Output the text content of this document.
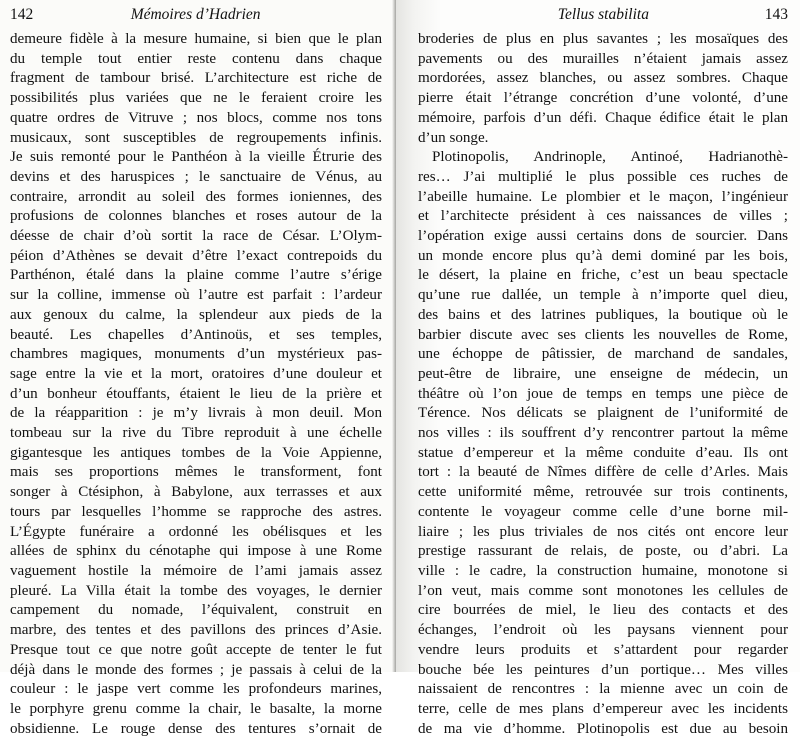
142	Mémoires d’Hadrien
demeure fidèle à la mesure humaine, si bien que le plan
du temple tout entier reste contenu dans chaque
fragment de tambour brisé. L’architecture est riche de
possibilités plus variées que ne le feraient croire les
quatre ordres de Vitruve ; nos blocs, comme nos tons
musicaux, sont susceptibles de regroupements infinis.
Je suis remonté pour le Panthéon à la vieille Étrurie des
devins et des haruspices ; le sanctuaire de Vénus, au
contraire, arrondit au soleil des formes ioniennes, des
profusions de colonnes blanches et roses autour de la
déesse de chair d’où sortit la race de César. L’Olym-
péion d’Athènes se devait d’être l’exact contrepoids du
Parthénon, étalé dans la plaine comme l’autre s’érige
sur la colline, immense où l’autre est parfait : l’ardeur
aux genoux du calme, la splendeur aux pieds de la
beauté. Les chapelles d’Antinoüs, et ses temples,
chambres magiques, monuments d’un mystérieux pas-
sage entre la vie et la mort, oratoires d’une douleur et
d’un bonheur étouffants, étaient le lieu de la prière et
de la réapparition : je m’y livrais à mon deuil. Mon
tombeau sur la rive du Tibre reproduit à une échelle
gigantesque les antiques tombes de la Voie Appienne,
mais ses proportions mêmes le transforment, font
songer à Ctésiphon, à Babylone, aux terrasses et aux
tours par lesquelles l’homme se rapproche des astres.
L’Égypte funéraire a ordonné les obélisques et les
allées de sphinx du cénotaphe qui impose à une Rome
vaguement hostile la mémoire de l’ami jamais assez
pleuré. La Villa était la tombe des voyages, le dernier
campement du nomade, l’équivalent, construit en
marbre, des tentes et des pavillons des princes d’Asie.
Presque tout ce que notre goût accepte de tenter le fut
déjà dans le monde des formes ; je passais à celui de la
couleur : le jaspe vert comme les profondeurs marines,
le porphyre grenu comme la chair, le basalte, la morne
obsidienne. Le rouge dense des tentures s’ornait de
Tellus stabilita	143
broderies de plus en plus savantes ; les mosaïques des
pavements ou des murailles n’étaient jamais assez
mordorées, assez blanches, ou assez sombres. Chaque
pierre était l’étrange concrétion d’une volonté, d’une
mémoire, parfois d’un défi. Chaque édifice était le plan
d’un songe.
Plotinopolis, Andrinople, Antinoé, Hadrianothè-
res… J’ai multiplié le plus possible ces ruches de
l’abeille humaine. Le plombier et le maçon, l’ingénieur
et l’architecte président à ces naissances de villes ;
l’opération exige aussi certains dons de sourcier. Dans
un monde encore plus qu’à demi dominé par les bois,
le désert, la plaine en friche, c’est un beau spectacle
qu’une rue dallée, un temple à n’importe quel dieu,
des bains et des latrines publiques, la boutique où le
barbier discute avec ses clients les nouvelles de Rome,
une échoppe de pâtissier, de marchand de sandales,
peut-être de libraire, une enseigne de médecin, un
théâtre où l’on joue de temps en temps une pièce de
Térence. Nos délicats se plaignent de l’uniformité de
nos villes : ils souffrent d’y rencontrer partout la même
statue d’empereur et la même conduite d’eau. Ils ont
tort : la beauté de Nîmes diffère de celle d’Arles. Mais
cette uniformité même, retrouvée sur trois continents,
contente le voyageur comme celle d’une borne mil-
liaire ; les plus triviales de nos cités ont encore leur
prestige rassurant de relais, de poste, ou d’abri. La
ville : le cadre, la construction humaine, monotone si
l’on veut, mais comme sont monotones les cellules de
cire bourrées de miel, le lieu des contacts et des
échanges, l’endroit où les paysans viennent pour
vendre leurs produits et s’attardent pour regarder
bouche bée les peintures d’un portique… Mes villes
naissaient de rencontres : la mienne avec un coin de
terre, celle de mes plans d’empereur avec les incidents
de ma vie d’homme. Plotinopolis est due au besoin
